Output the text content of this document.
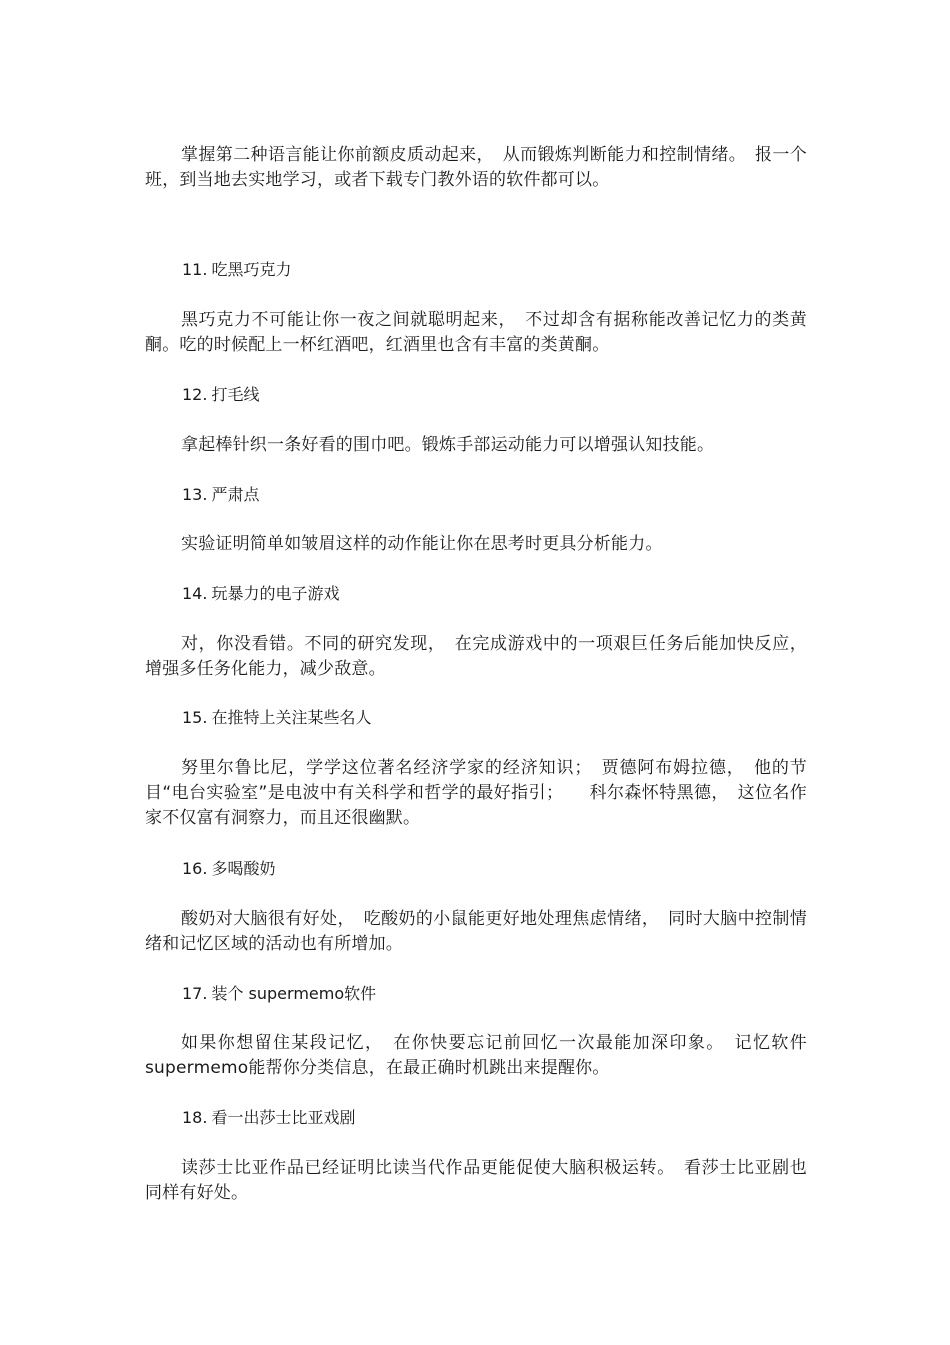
掌握第二种语言能让你前额皮质动起来，　从而锻炼判断能力和控制情绪。　报一个班，到当地去实地学习，或者下载专门教外语的软件都可以。

11. 吃黑巧克力

黑巧克力不可能让你一夜之间就聪明起来，　不过却含有据称能改善记忆力的类黄酮。吃的时候配上一杯红酒吧，红酒里也含有丰富的类黄酮。

12. 打毛线

拿起棒针织一条好看的围巾吧。锻炼手部运动能力可以增强认知技能。

13. 严肃点

实验证明简单如皱眉这样的动作能让你在思考时更具分析能力。

14. 玩暴力的电子游戏

对，你没看错。不同的研究发现，　在完成游戏中的一项艰巨任务后能加快反应，增强多任务化能力，减少敌意。

15. 在推特上关注某些名人

努里尔鲁比尼，学学这位著名经济学家的经济知识；　贾德阿布姆拉德，　他的节目“电台实验室”是电波中有关科学和哲学的最好指引；　　科尔森怀特黑德，　这位名作家不仅富有洞察力，而且还很幽默。

16. 多喝酸奶

酸奶对大脑很有好处，　吃酸奶的小鼠能更好地处理焦虑情绪，　同时大脑中控制情绪和记忆区域的活动也有所增加。

17. 装个 supermemo软件

如果你想留住某段记忆，　在你快要忘记前回忆一次最能加深印象。　记忆软件supermemo能帮你分类信息，在最正确时机跳出来提醒你。

18. 看一出莎士比亚戏剧

读莎士比亚作品已经证明比读当代作品更能促使大脑积极运转。　看莎士比亚剧也同样有好处。
